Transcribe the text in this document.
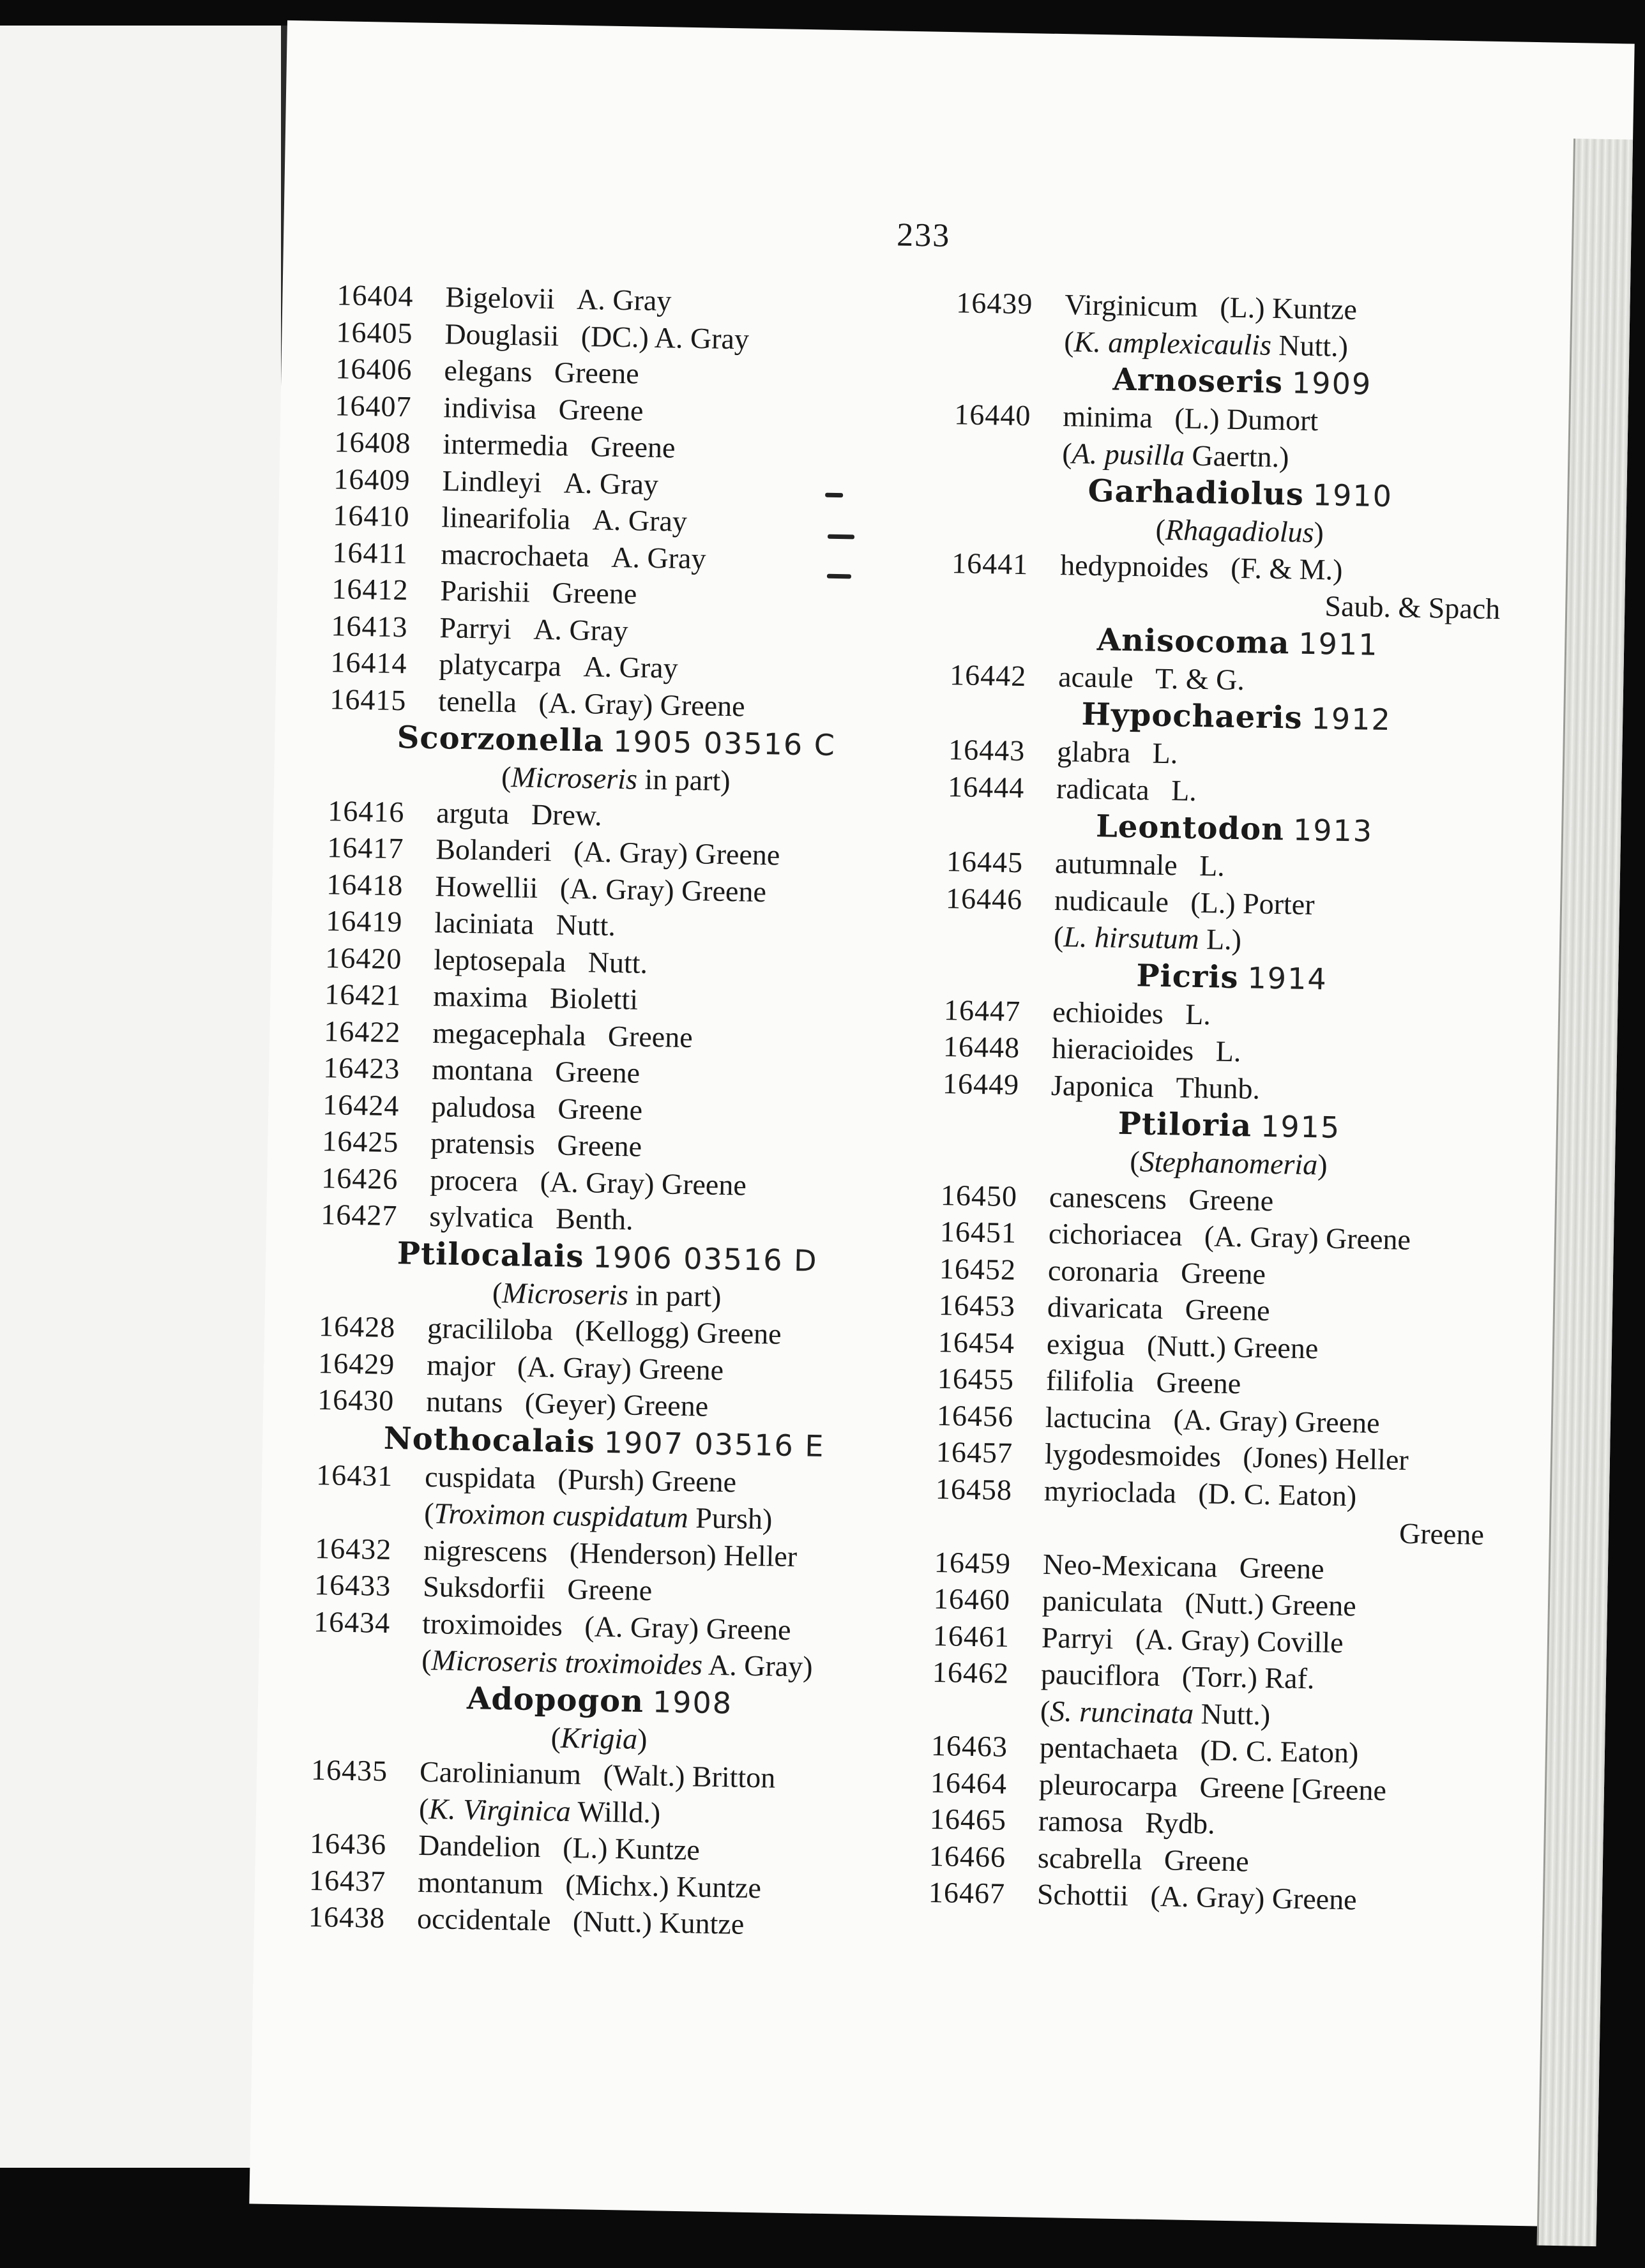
233
16404 Bigelovii A. Gray
16405 Douglasii (DC.) A. Gray
16406 elegans Greene
16407 indivisa Greene
16408 intermedia Greene
16409 Lindleyi A. Gray
16410 linearifolia A. Gray
16411 macrochaeta A. Gray
16412 Parishii Greene
16413 Parryi A. Gray
16414 platycarpa A. Gray
16415 tenella (A. Gray) Greene
Scorzonella 1905 03516 C
(Microseris in part)
16416 arguta Drew.
16417 Bolanderi (A. Gray) Greene
16418 Howellii (A. Gray) Greene
16419 laciniata Nutt.
16420 leptosepala Nutt.
16421 maxima Bioletti
16422 megacephala Greene
16423 montana Greene
16424 paludosa Greene
16425 pratensis Greene
16426 procera (A. Gray) Greene
16427 sylvatica Benth.
Ptilocalais 1906 03516 D
(Microseris in part)
16428 gracililoba (Kellogg) Greene
16429 major (A. Gray) Greene
16430 nutans (Geyer) Greene
Nothocalais 1907 03516 E
16431 cuspidata (Pursh) Greene
(Troximon cuspidatum Pursh)
16432 nigrescens (Henderson) Heller
16433 Suksdorfii Greene
16434 troximoides (A. Gray) Greene
(Microseris troximoides A. Gray)
Adopogon 1908
(Krigia)
16435 Carolinianum (Walt.) Britton
(K. Virginica Willd.)
16436 Dandelion (L.) Kuntze
16437 montanum (Michx.) Kuntze
16438 occidentale (Nutt.) Kuntze
16439 Virginicum (L.) Kuntze
(K. amplexicaulis Nutt.)
Arnoseris 1909
16440 minima (L.) Dumort
(A. pusilla Gaertn.)
Garhadiolus 1910
(Rhagadiolus)
16441 hedypnoides (F. & M.)
Saub. & Spach
Anisocoma 1911
16442 acaule T. & G.
Hypochaeris 1912
16443 glabra L.
16444 radicata L.
Leontodon 1913
16445 autumnale L.
16446 nudicaule (L.) Porter
(L. hirsutum L.)
Picris 1914
16447 echioides L.
16448 hieracioides L.
16449 Japonica Thunb.
Ptiloria 1915
(Stephanomeria)
16450 canescens Greene
16451 cichoriacea (A. Gray) Greene
16452 coronaria Greene
16453 divaricata Greene
16454 exigua (Nutt.) Greene
16455 filifolia Greene
16456 lactucina (A. Gray) Greene
16457 lygodesmoides (Jones) Heller
16458 myrioclada (D. C. Eaton)
Greene
16459 Neo-Mexicana Greene
16460 paniculata (Nutt.) Greene
16461 Parryi (A. Gray) Coville
16462 pauciflora (Torr.) Raf.
(S. runcinata Nutt.)
16463 pentachaeta (D. C. Eaton)
16464 pleurocarpa Greene [Greene
16465 ramosa Rydb.
16466 scabrella Greene
16467 Schottii (A. Gray) Greene
